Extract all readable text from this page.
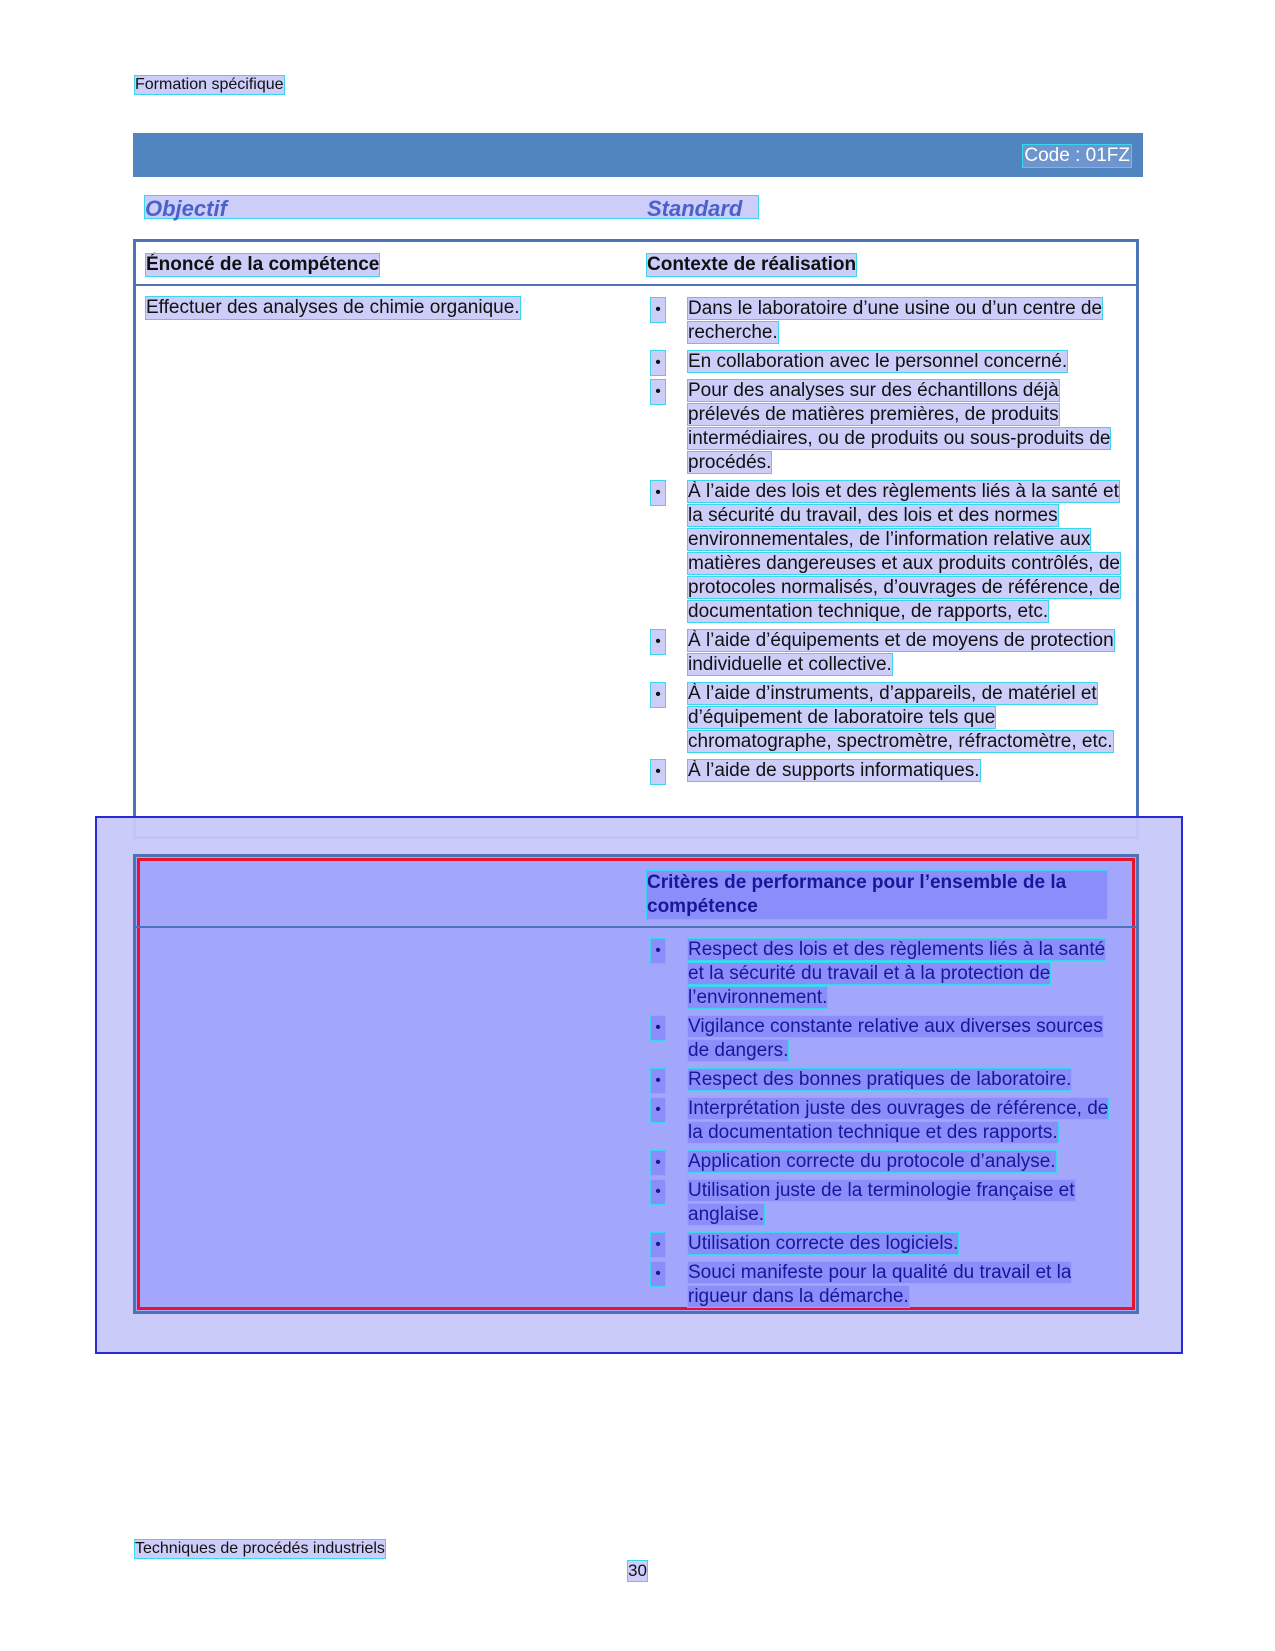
Formation spécifique
Code : 01FZ
Objectif	Standard
Énoncé de la compétence	Contexte de réalisation
Effectuer des analyses de chimie organique.	• Dans le laboratoire d’une usine ou d’un centre de recherche.
• En collaboration avec le personnel concerné.
• Pour des analyses sur des échantillons déjà prélevés de matières premières, de produits intermédiaires, ou de produits ou sous-produits de procédés.
• À l’aide des lois et des règlements liés à la santé et la sécurité du travail, des lois et des normes environnementales, de l’information relative aux matières dangereuses et aux produits contrôlés, de protocoles normalisés, d’ouvrages de référence, de documentation technique, de rapports, etc.
• À l’aide d’équipements et de moyens de protection individuelle et collective.
• À l’aide d’instruments, d’appareils, de matériel et d’équipement de laboratoire tels que chromatographe, spectromètre, réfractomètre, etc.
• À l’aide de supports informatiques.
Critères de performance pour l’ensemble de la compétence
• Respect des lois et des règlements liés à la santé et la sécurité du travail et à la protection de l’environnement.
• Vigilance constante relative aux diverses sources de dangers.
• Respect des bonnes pratiques de laboratoire.
• Interprétation juste des ouvrages de référence, de la documentation technique et des rapports.
• Application correcte du protocole d’analyse.
• Utilisation juste de la terminologie française et anglaise.
• Utilisation correcte des logiciels.
• Souci manifeste pour la qualité du travail et la rigueur dans la démarche.
Techniques de procédés industriels
30
